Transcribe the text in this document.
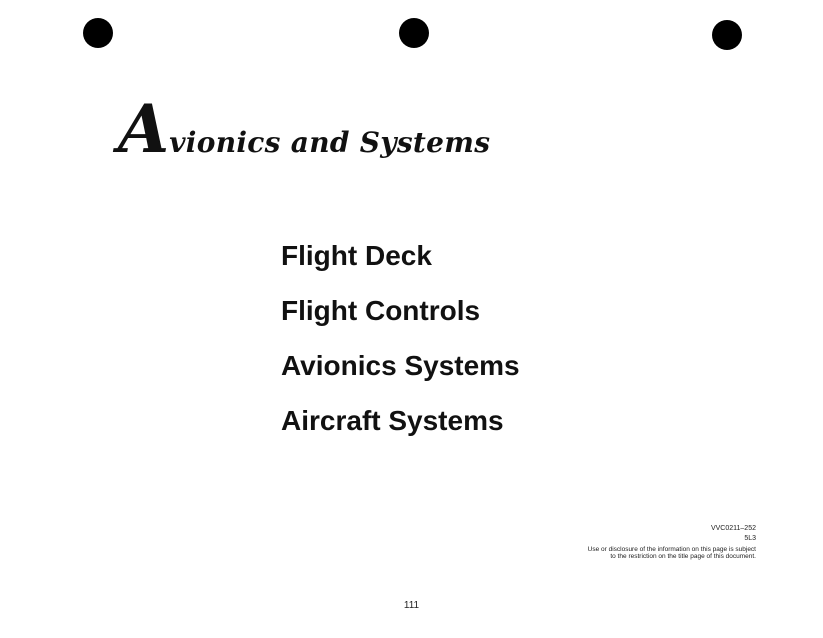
Avionics and Systems
Flight Deck
Flight Controls
Avionics Systems
Aircraft Systems
VVC0211–252
5L3
Use or disclosure of the information on this page is subject
to the restriction on the title page of this document.
111
